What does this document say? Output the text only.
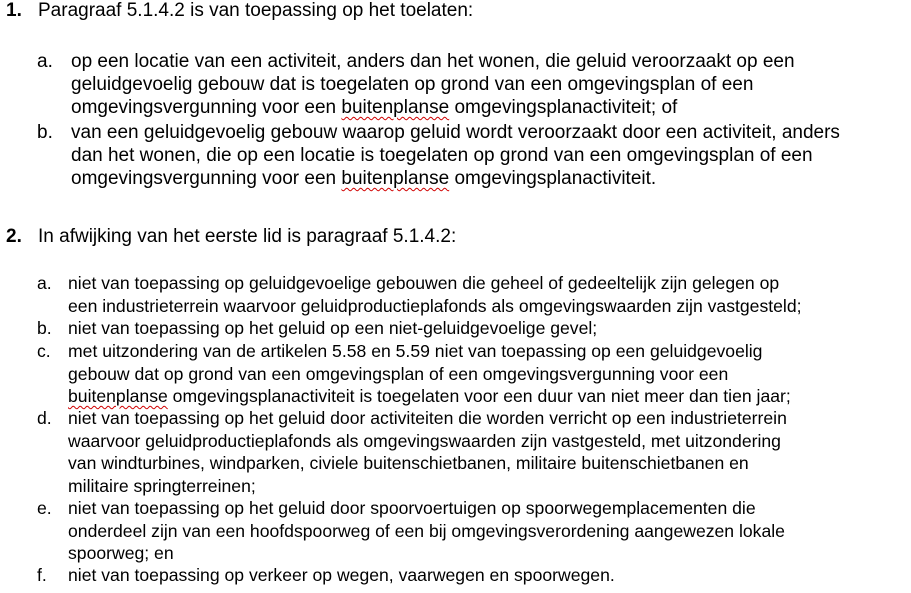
1. Paragraaf 5.1.4.2 is van toepassing op het toelaten:
a. op een locatie van een activiteit, anders dan het wonen, die geluid veroorzaakt op een
geluidgevoelig gebouw dat is toegelaten op grond van een omgevingsplan of een
omgevingsvergunning voor een buitenplanse omgevingsplanactiviteit; of
b. van een geluidgevoelig gebouw waarop geluid wordt veroorzaakt door een activiteit, anders
dan het wonen, die op een locatie is toegelaten op grond van een omgevingsplan of een
omgevingsvergunning voor een buitenplanse omgevingsplanactiviteit.
2. In afwijking van het eerste lid is paragraaf 5.1.4.2:
a. niet van toepassing op geluidgevoelige gebouwen die geheel of gedeeltelijk zijn gelegen op
een industrieterrein waarvoor geluidproductieplafonds als omgevingswaarden zijn vastgesteld;
b. niet van toepassing op het geluid op een niet-geluidgevoelige gevel;
c. met uitzondering van de artikelen 5.58 en 5.59 niet van toepassing op een geluidgevoelig
gebouw dat op grond van een omgevingsplan of een omgevingsvergunning voor een
buitenplanse omgevingsplanactiviteit is toegelaten voor een duur van niet meer dan tien jaar;
d. niet van toepassing op het geluid door activiteiten die worden verricht op een industrieterrein
waarvoor geluidproductieplafonds als omgevingswaarden zijn vastgesteld, met uitzondering
van windturbines, windparken, civiele buitenschietbanen, militaire buitenschietbanen en
militaire springterreinen;
e. niet van toepassing op het geluid door spoorvoertuigen op spoorwegemplacementen die
onderdeel zijn van een hoofdspoorweg of een bij omgevingsverordening aangewezen lokale
spoorweg; en
f. niet van toepassing op verkeer op wegen, vaarwegen en spoorwegen.
